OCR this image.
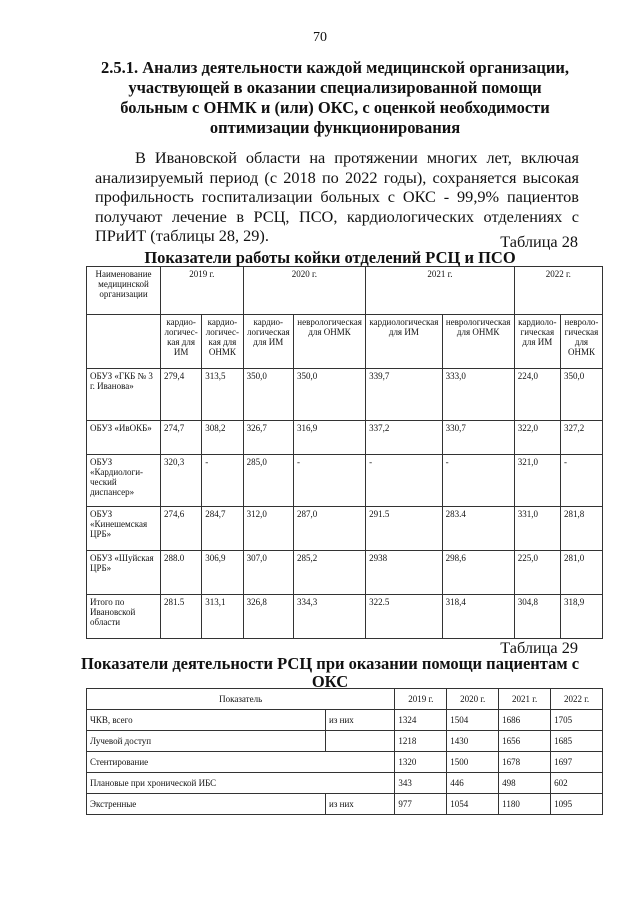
70
2.5.1. Анализ деятельности каждой медицинской организации, участвующей в оказании специализированной помощи больным с ОНМК и (или) ОКС, с оценкой необходимости оптимизации функционирования
В Ивановской области на протяжении многих лет, включая анализируемый период (с 2018 по 2022 годы), сохраняется высокая профильность госпитализации больных с ОКС - 99,9% пациентов получают лечение в РСЦ, ПСО, кардиологических отделениях с ПРиИТ (таблицы 28, 29).	Таблица 28
Показатели работы койки отделений РСЦ и ПСО
Наименование медицинской организации	2019 г.		2020 г.		2021 г.		2022 г.	
	кардио-логичес-кая для ИМ	кардио-логичес-кая для ОНМК	кардио-логическая для ИМ	неврологическая для ОНМК	кардиологическая для ИМ	неврологическая для ОНМК	кардиоло-гическая для ИМ	невроло-гическая для ОНМК
ОБУЗ «ГКБ № 3 г. Иванова»	279,4	313,5	350,0	350,0	339,7	333,0	224,0	350,0
ОБУЗ «ИвОКБ»	274,7	308,2	326,7	316,9	337,2	330,7	322,0	327,2
ОБУЗ «Кардиологи-ческий диспансер»	320,3	-	285,0	-	-	-	321,0	-
ОБУЗ «Кинешемская ЦРБ»	274,6	284,7	312,0	287,0	291.5	283.4	331,0	281,8
ОБУЗ «Шуйская ЦРБ»	288.0	306,9	307,0	285,2	2938	298,6	225,0	281,0
Итого по Ивановской области	281.5	313,1	326,8	334,3	322.5	318,4	304,8	318,9
Таблица 29
Показатели деятельности РСЦ при оказании помощи пациентам с ОКС
Показатель		2019 г.	2020 г.	2021 г.	2022 г.
ЧКВ, всего	из них	1324	1504	1686	1705
Лучевой доступ		1218	1430	1656	1685
Стентирование		1320	1500	1678	1697
Плановые при хронической ИБС		343	446	498	602
Экстренные	из них	977	1054	1180	1095
